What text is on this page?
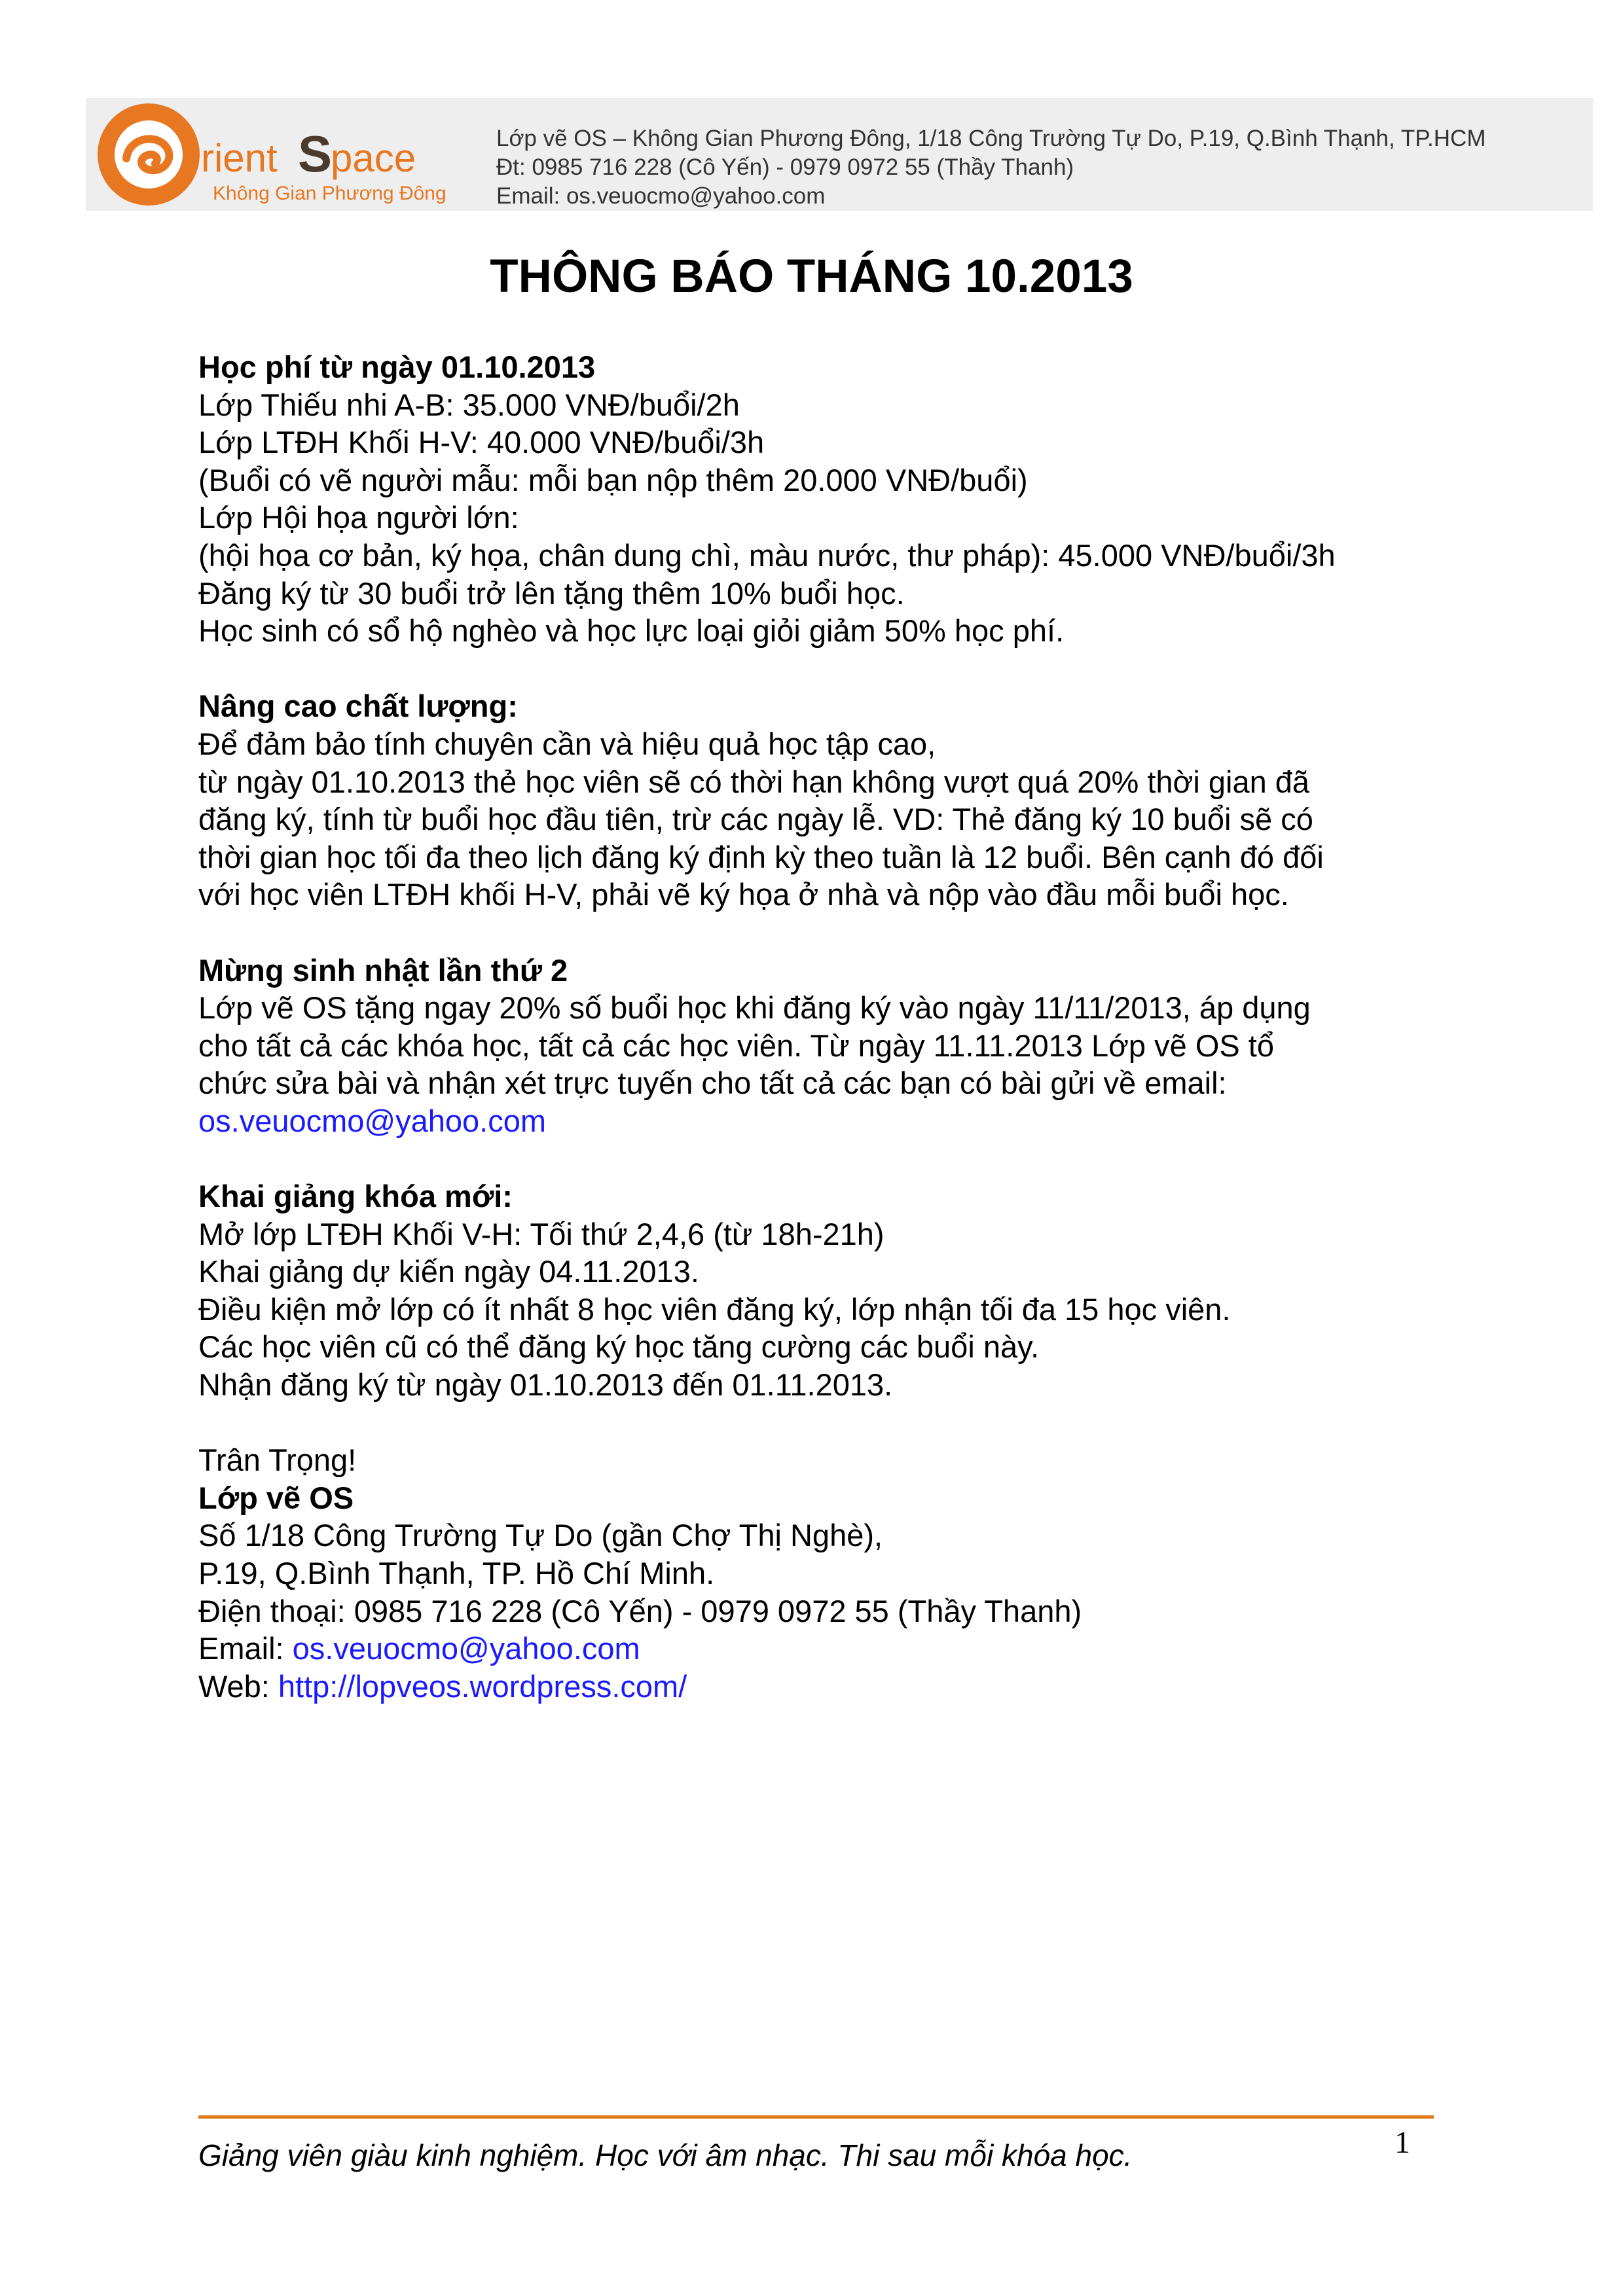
rient S
pace
Không Gian Phương Đông
Lớp vẽ OS – Không Gian Phương Đông, 1/18 Công Trường Tự Do, P.19, Q.Bình Thạnh, TP.HCM
Đt: 0985 716 228 (Cô Yến) - 0979 0972 55 (Thầy Thanh)
Email: os.veuocmo@yahoo.com
THÔNG BÁO THÁNG 10.2013
Học phí từ ngày 01.10.2013
Lớp Thiếu nhi A-B: 35.000 VNĐ/buổi/2h
Lớp LTĐH Khối H-V: 40.000 VNĐ/buổi/3h
(Buổi có vẽ người mẫu: mỗi bạn nộp thêm 20.000 VNĐ/buổi)
Lớp Hội họa người lớn:
(hội họa cơ bản, ký họa, chân dung chì, màu nước, thư pháp): 45.000 VNĐ/buổi/3h
Đăng ký từ 30 buổi trở lên tặng thêm 10% buổi học.
Học sinh có sổ hộ nghèo và học lực loại giỏi giảm 50% học phí.
Nâng cao chất lượng:
Để đảm bảo tính chuyên cần và hiệu quả học tập cao,
từ ngày 01.10.2013 thẻ học viên sẽ có thời hạn không vượt quá 20% thời gian đã
đăng ký, tính từ buổi học đầu tiên, trừ các ngày lễ. VD: Thẻ đăng ký 10 buổi sẽ có
thời gian học tối đa theo lịch đăng ký định kỳ theo tuần là 12 buổi. Bên cạnh đó đối
với học viên LTĐH khối H-V, phải vẽ ký họa ở nhà và nộp vào đầu mỗi buổi học.
Mừng sinh nhật lần thứ 2
Lớp vẽ OS tặng ngay 20% số buổi học khi đăng ký vào ngày 11/11/2013, áp dụng
cho tất cả các khóa học, tất cả các học viên. Từ ngày 11.11.2013 Lớp vẽ OS tổ
chức sửa bài và nhận xét trực tuyến cho tất cả các bạn có bài gửi về email:
os.veuocmo@yahoo.com
Khai giảng khóa mới:
Mở lớp LTĐH Khối V-H: Tối thứ 2,4,6 (từ 18h-21h)
Khai giảng dự kiến ngày 04.11.2013.
Điều kiện mở lớp có ít nhất 8 học viên đăng ký, lớp nhận tối đa 15 học viên.
Các học viên cũ có thể đăng ký học tăng cường các buổi này.
Nhận đăng ký từ ngày 01.10.2013 đến 01.11.2013.
Trân Trọng!
Lớp vẽ OS
Số 1/18 Công Trường Tự Do (gần Chợ Thị Nghè),
P.19, Q.Bình Thạnh, TP. Hồ Chí Minh.
Điện thoại: 0985 716 228 (Cô Yến) - 0979 0972 55 (Thầy Thanh)
Email: os.veuocmo@yahoo.com
Web: http://lopveos.wordpress.com/
Giảng viên giàu kinh nghiệm. Học với âm nhạc. Thi sau mỗi khóa học.	1
